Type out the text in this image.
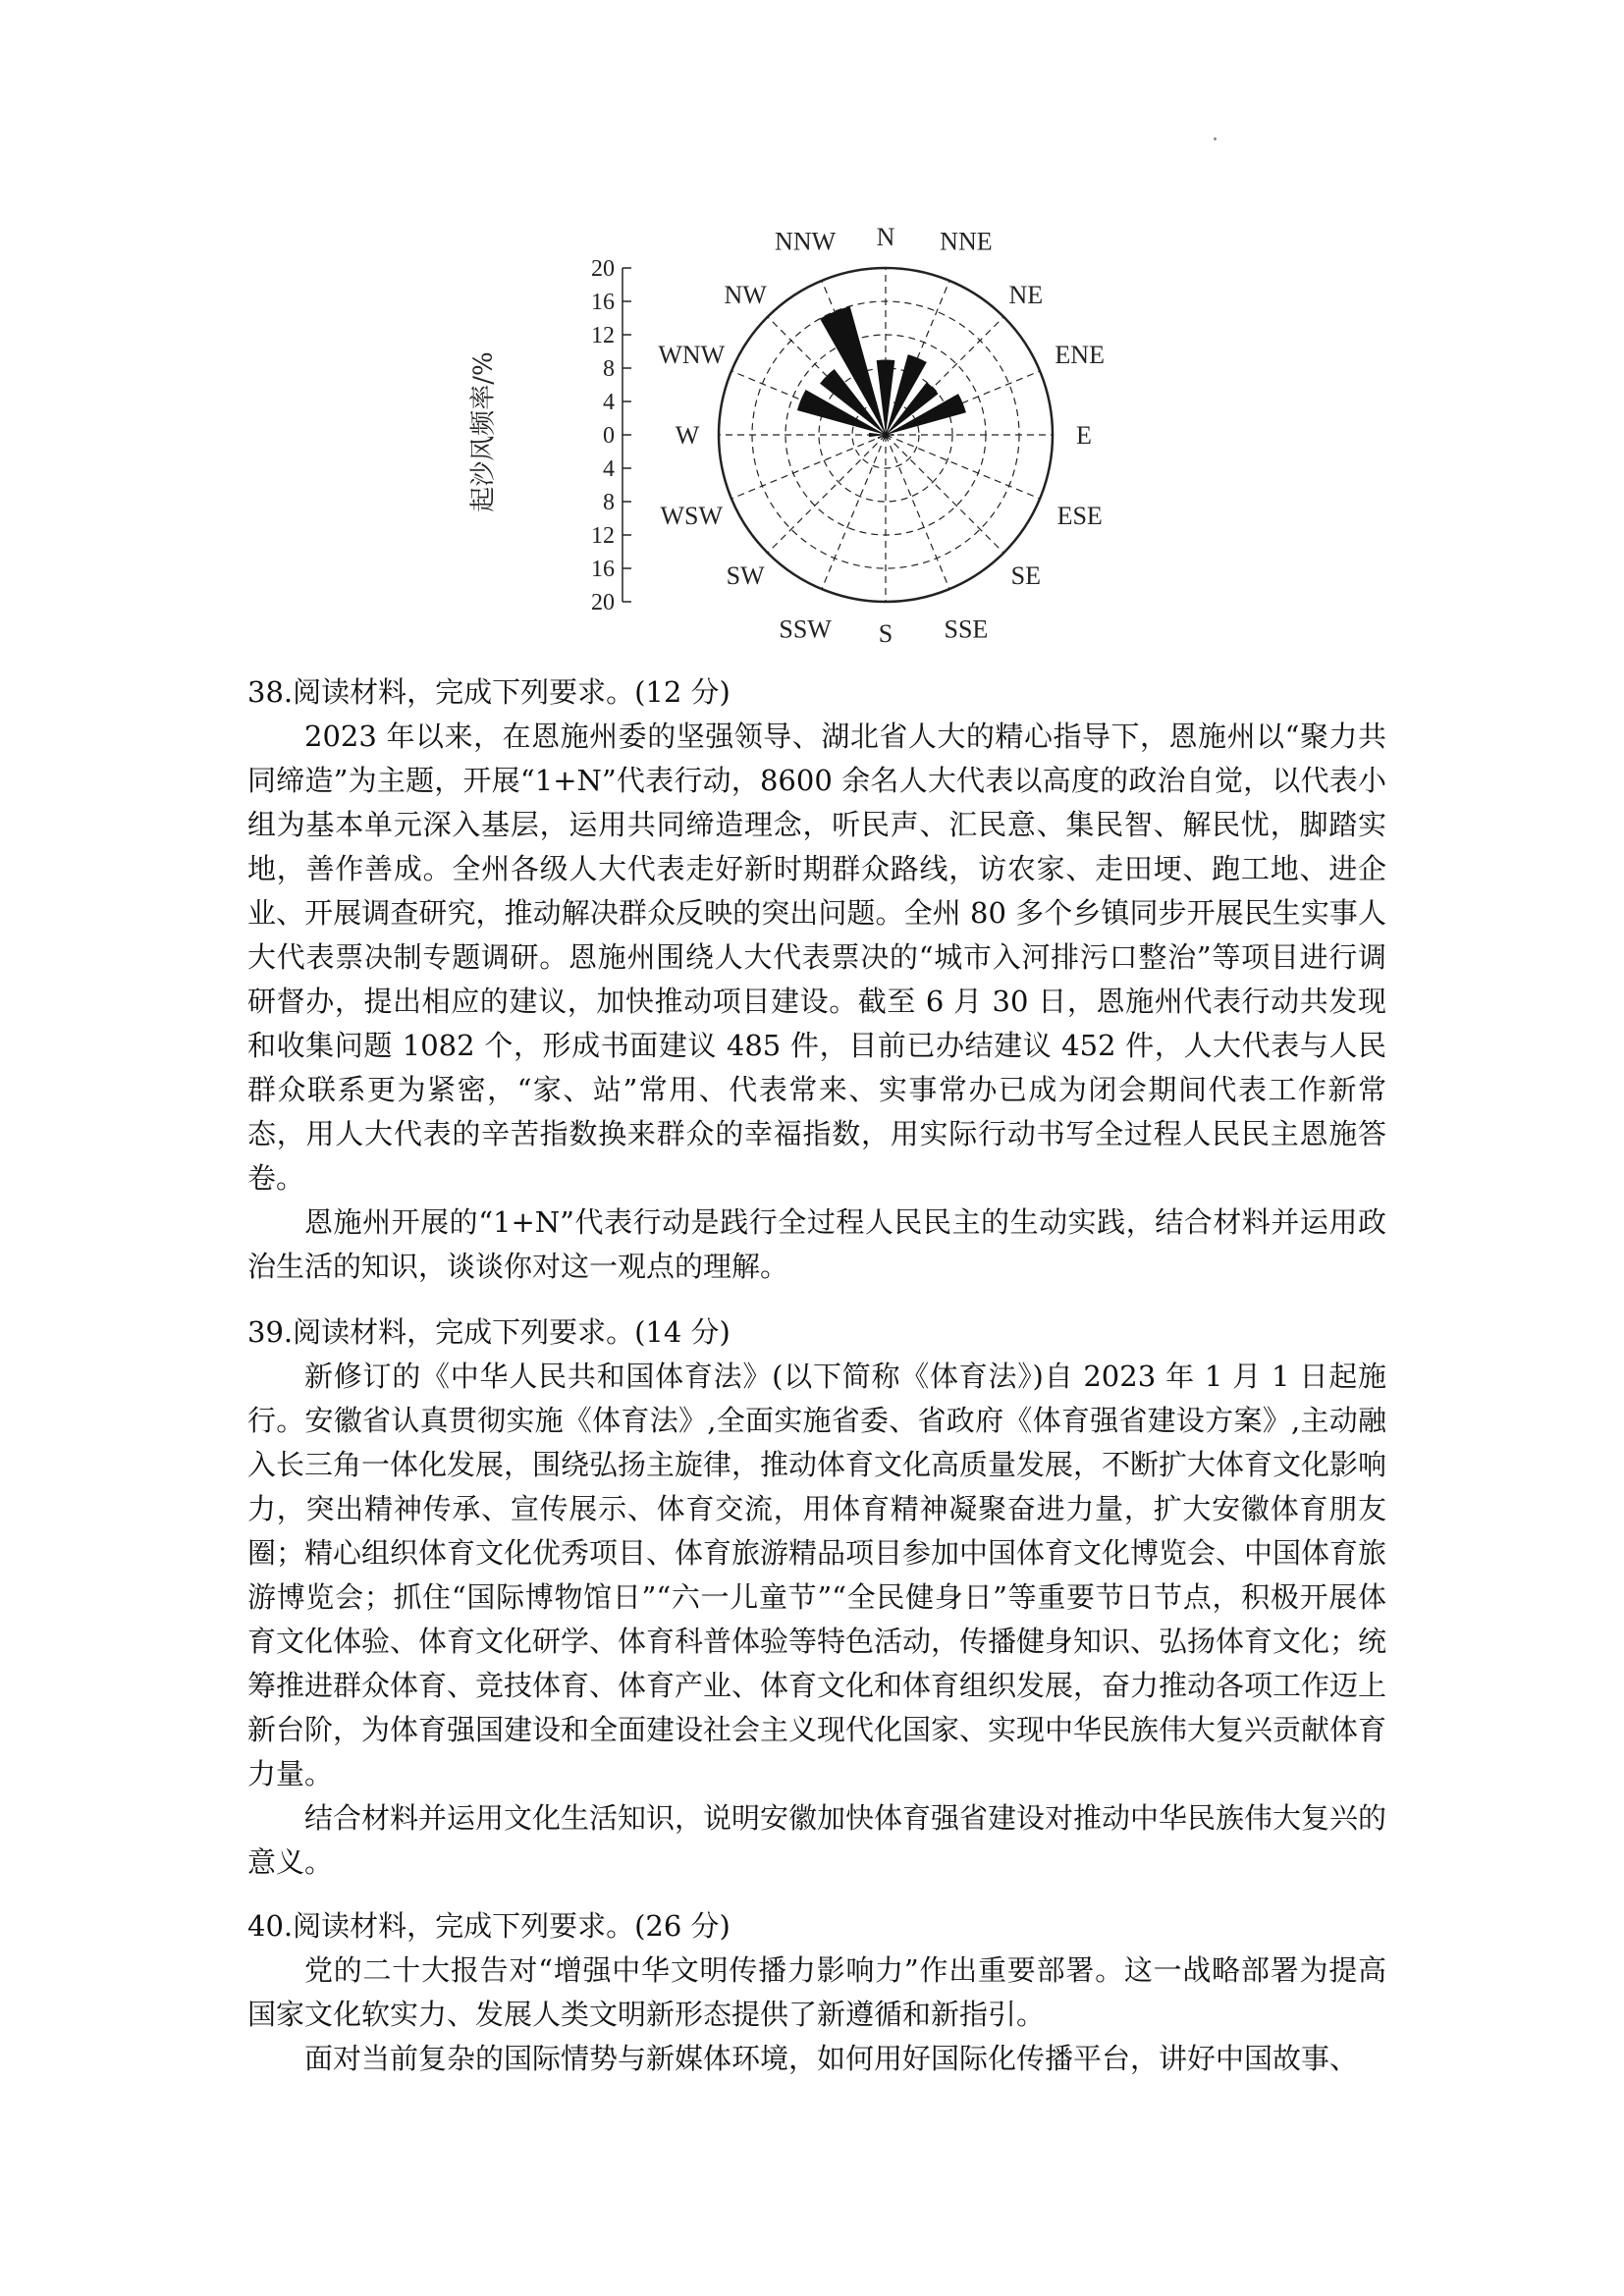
N NNE
NE
ENE
E
ESE
SE
SSE
S
SSW
SW
WSW
W
WNW
NW
NNW
20
16
12
8
4
0
4
8
12
16
20
起沙风频率/%

38.阅读材料，完成下列要求。(12 分)

2023 年以来，在恩施州委的坚强领导、湖北省人大的精心指导下，恩施州以“聚力共同缔造”为主题，开展“1+N”代表行动，8600 余名人大代表以高度的政治自觉，以代表小组为基本单元深入基层，运用共同缔造理念，听民声、汇民意、集民智、解民忧，脚踏实地，善作善成。全州各级人大代表走好新时期群众路线，访农家、走田埂、跑工地、进企业、开展调查研究，推动解决群众反映的突出问题。全州 80 多个乡镇同步开展民生实事人大代表票决制专题调研。恩施州围绕人大代表票决的“城市入河排污口整治”等项目进行调研督办，提出相应的建议，加快推动项目建设。截至 6 月 30 日，恩施州代表行动共发现和收集问题 1082 个，形成书面建议 485 件，目前已办结建议 452 件，人大代表与人民群众联系更为紧密，“家、站”常用、代表常来、实事常办已成为闭会期间代表工作新常态，用人大代表的辛苦指数换来群众的幸福指数，用实际行动书写全过程人民民主恩施答卷。

恩施州开展的“1+N”代表行动是践行全过程人民民主的生动实践，结合材料并运用政治生活的知识，谈谈你对这一观点的理解。

39.阅读材料，完成下列要求。(14 分)

新修订的《中华人民共和国体育法》(以下简称《体育法》)自 2023 年 1 月 1 日起施行。安徽省认真贯彻实施《体育法》,全面实施省委、省政府《体育强省建设方案》,主动融入长三角一体化发展，围绕弘扬主旋律，推动体育文化高质量发展，不断扩大体育文化影响力，突出精神传承、宣传展示、体育交流，用体育精神凝聚奋进力量，扩大安徽体育朋友圈；精心组织体育文化优秀项目、体育旅游精品项目参加中国体育文化博览会、中国体育旅游博览会；抓住“国际博物馆日”“六一儿童节”“全民健身日”等重要节日节点，积极开展体育文化体验、体育文化研学、体育科普体验等特色活动，传播健身知识、弘扬体育文化；统筹推进群众体育、竞技体育、体育产业、体育文化和体育组织发展，奋力推动各项工作迈上新台阶，为体育强国建设和全面建设社会主义现代化国家、实现中华民族伟大复兴贡献体育力量。

结合材料并运用文化生活知识，说明安徽加快体育强省建设对推动中华民族伟大复兴的意义。

40.阅读材料，完成下列要求。(26 分)

党的二十大报告对“增强中华文明传播力影响力”作出重要部署。这一战略部署为提高国家文化软实力、发展人类文明新形态提供了新遵循和新指引。

面对当前复杂的国际情势与新媒体环境，如何用好国际化传播平台，讲好中国故事、
